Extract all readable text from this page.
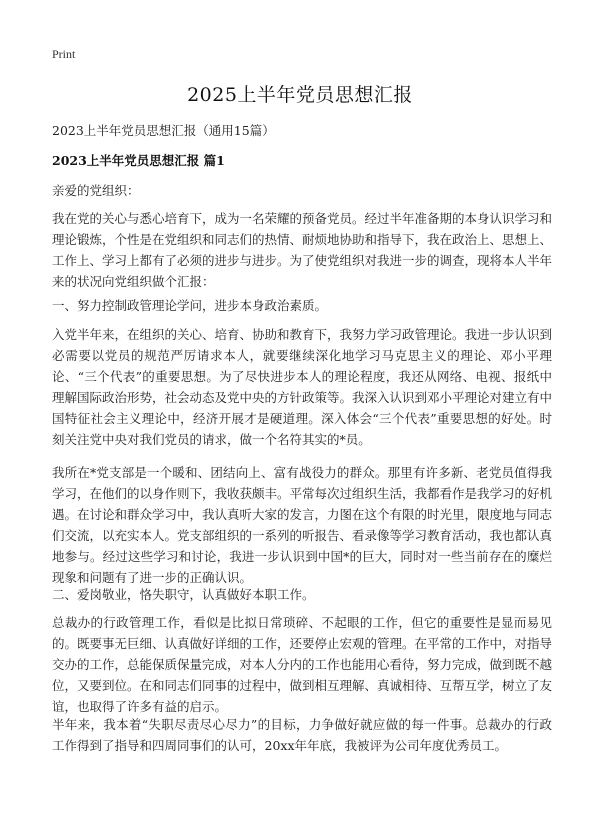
Print
2025上半年党员思想汇报
2023上半年党员思想汇报（通用15篇）
2023上半年党员思想汇报 篇1

亲爱的党组织：

我在党的关心与悉心培育下，成为一名荣耀的预备党员。经过半年准备期的本身认识学习和理论锻炼，个性是在党组织和同志们的热情、耐烦地协助和指导下，我在政治上、思想上、工作上、学习上都有了必须的进步与进步。为了使党组织对我进一步的调查，现将本人半年来的状况向党组织做个汇报：

一、努力控制政管理论学问，进步本身政治素质。

入党半年来，在组织的关心、培育、协助和教育下，我努力学习政管理论。我进一步认识到必需要以党员的规范严厉请求本人，就要继续深化地学习马克思主义的理论、邓小平理论、“三个代表”的重要思想。为了尽快进步本人的理论程度，我还从网络、电视、报纸中理解国际政治形势，社会动态及党中央的方针政策等。我深入认识到邓小平理论对建立有中国特征社会主义理论中，经济开展才是硬道理。深入体会“三个代表”重要思想的好处。时刻关注党中央对我们党员的请求，做一个名符其实的*员。

我所在*党支部是一个暖和、团结向上、富有战役力的群众。那里有许多新、老党员值得我学习，在他们的以身作则下，我收获颇丰。平常每次过组织生活，我都看作是我学习的好机遇。在讨论和群众学习中，我认真听大家的发言，力图在这个有限的时光里，限度地与同志们交流，以充实本人。党支部组织的一系列的听报告、看录像等学习教育活动，我也都认真地参与。经过这些学习和讨论，我进一步认识到中国*的巨大，同时对一些当前存在的糜烂现象和问题有了进一步的正确认识。

二、爱岗敬业，恪失职守，认真做好本职工作。

总裁办的行政管理工作，看似是比拟日常琐碎、不起眼的工作，但它的重要性是显而易见的。既要事无巨细、认真做好详细的工作，还要停止宏观的管理。在平常的工作中，对指导交办的工作，总能保质保量完成，对本人分内的工作也能用心看待，努力完成，做到既不越位，又要到位。在和同志们同事的过程中，做到相互理解、真诚相待、互帮互学，树立了友谊，也取得了许多有益的启示。

半年来，我本着“失职尽责尽心尽力”的目标，力争做好就应做的每一件事。总裁办的行政工作得到了指导和四周同事们的认可，20xx年年底，我被评为公司年度优秀员工。
